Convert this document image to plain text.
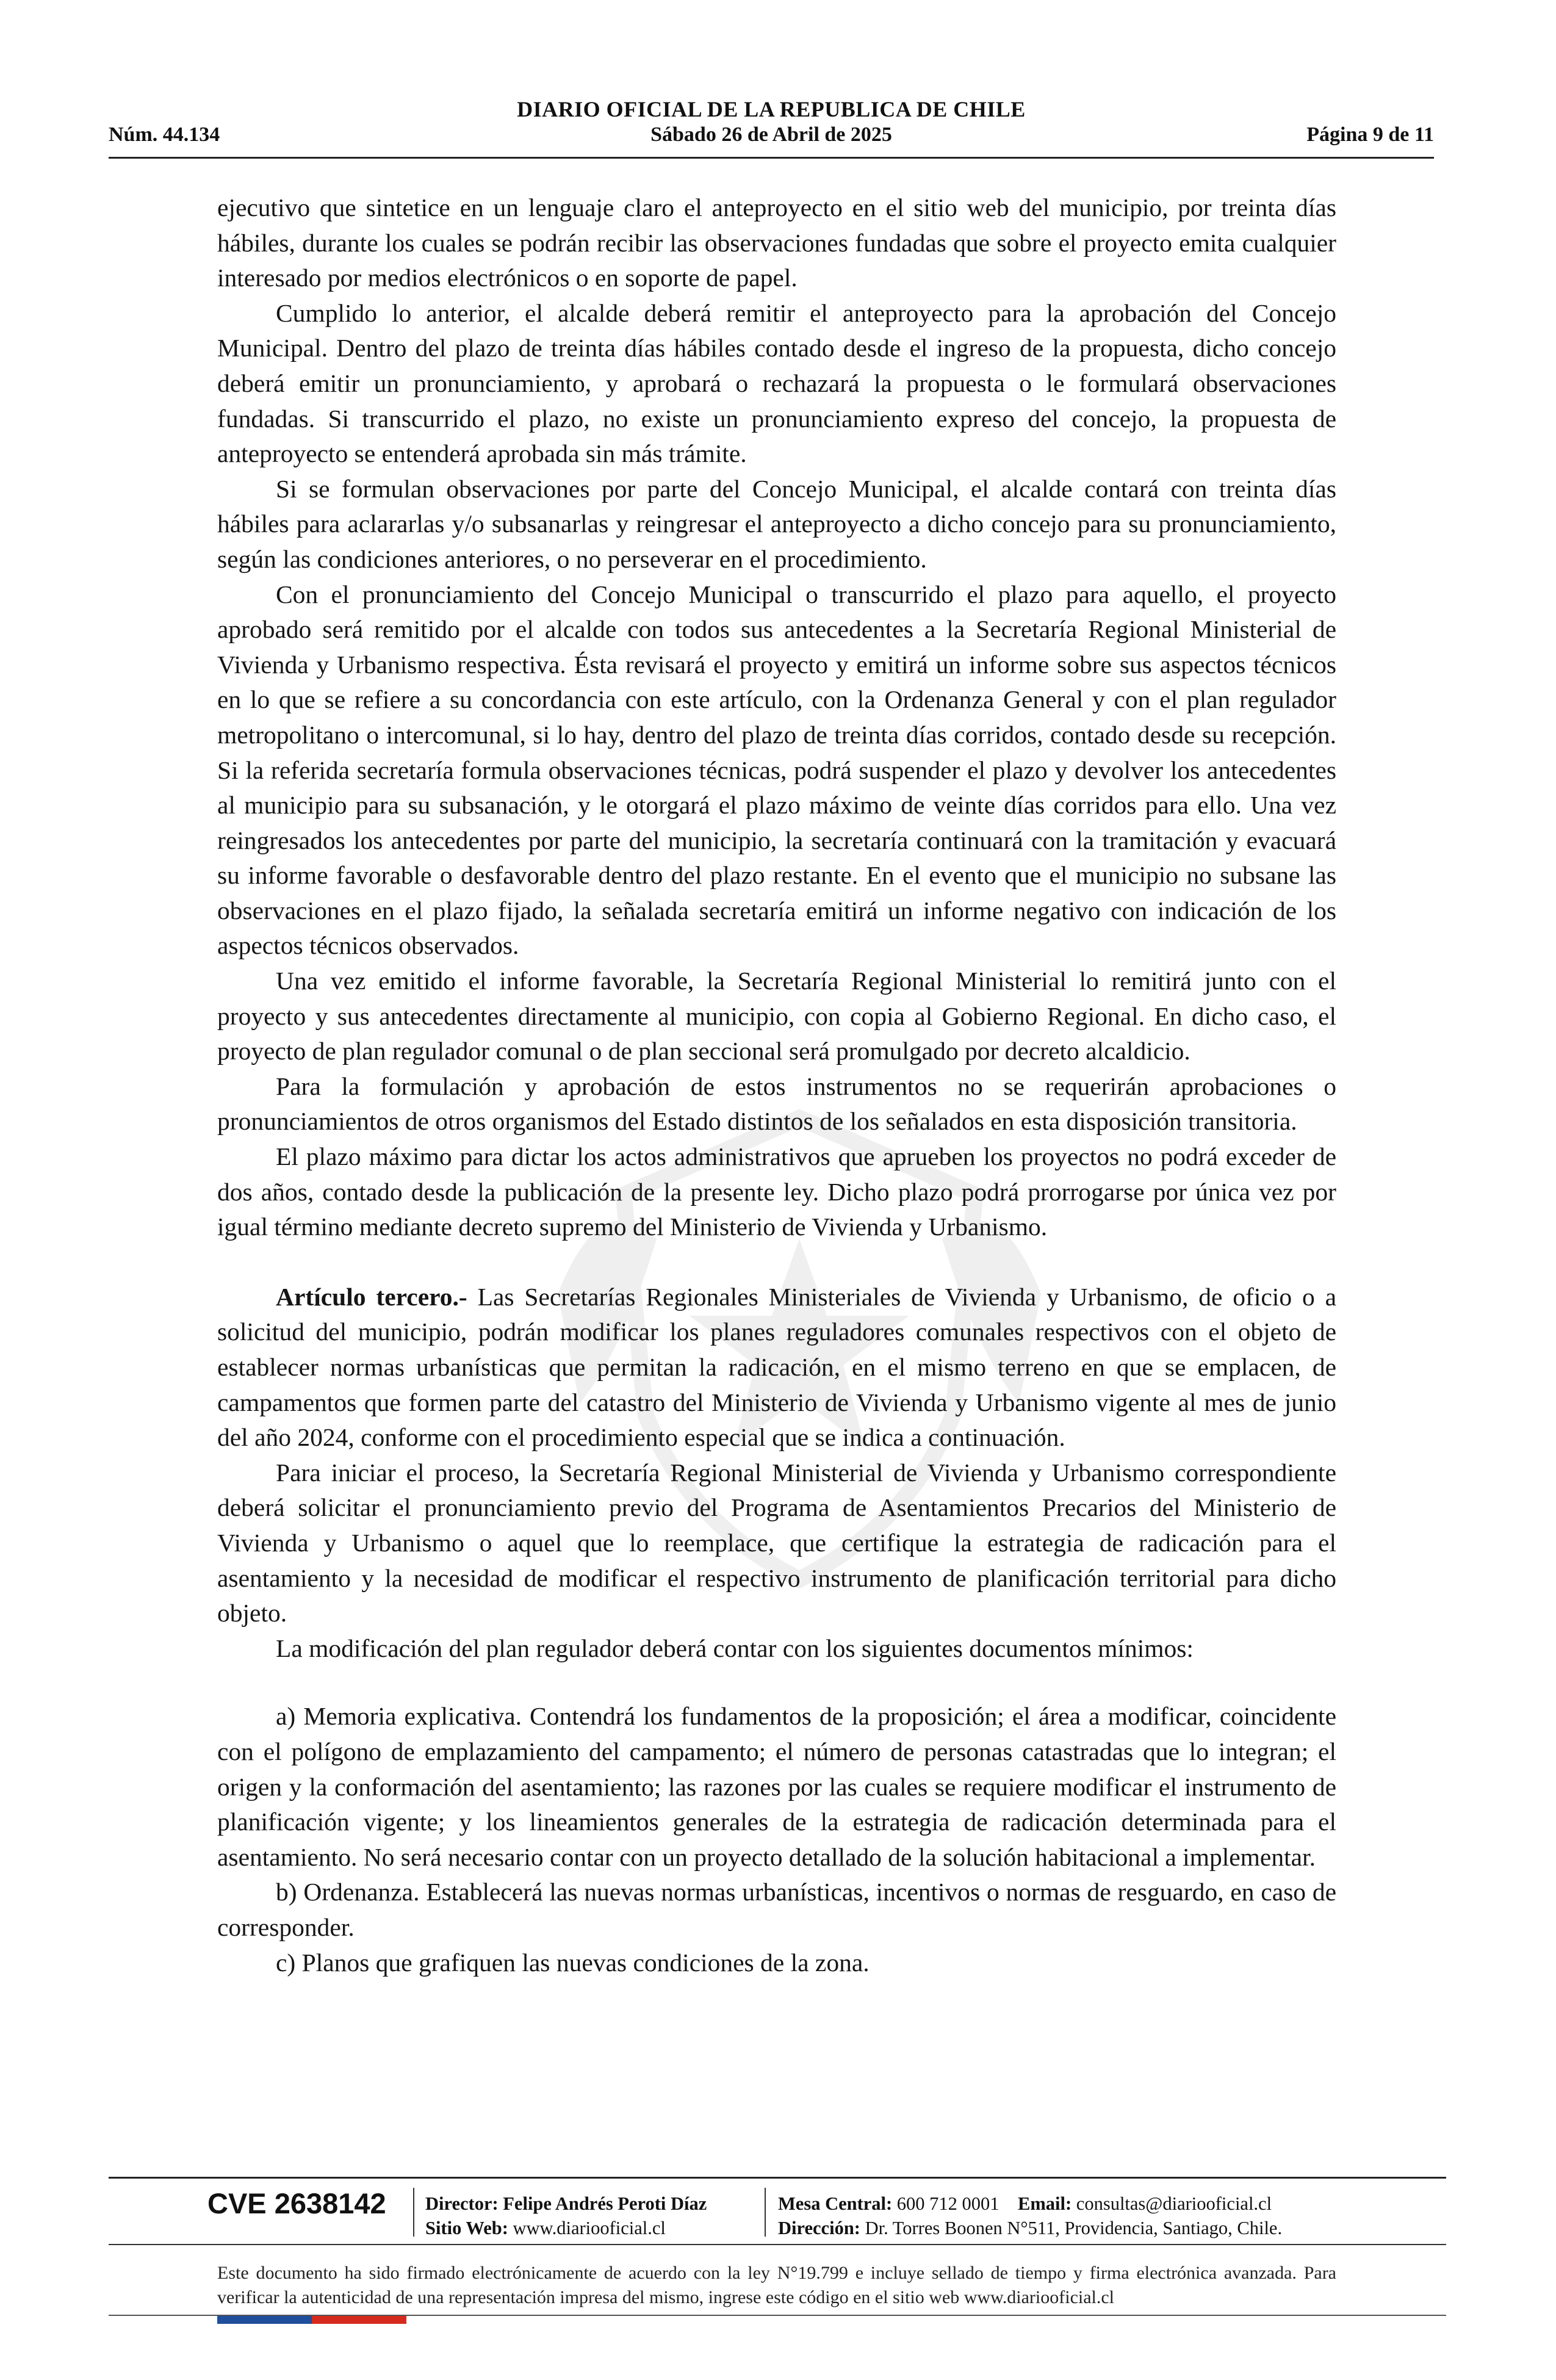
DIARIO OFICIAL DE LA REPUBLICA DE CHILE
Núm. 44.134	Sábado 26 de Abril de 2025	Página 9 de 11

ejecutivo que sintetice en un lenguaje claro el anteproyecto en el sitio web del municipio, por treinta días hábiles, durante los cuales se podrán recibir las observaciones fundadas que sobre el proyecto emita cualquier interesado por medios electrónicos o en soporte de papel.

Cumplido lo anterior, el alcalde deberá remitir el anteproyecto para la aprobación del Concejo Municipal. Dentro del plazo de treinta días hábiles contado desde el ingreso de la propuesta, dicho concejo deberá emitir un pronunciamiento, y aprobará o rechazará la propuesta o le formulará observaciones fundadas. Si transcurrido el plazo, no existe un pronunciamiento expreso del concejo, la propuesta de anteproyecto se entenderá aprobada sin más trámite.

Si se formulan observaciones por parte del Concejo Municipal, el alcalde contará con treinta días hábiles para aclararlas y/o subsanarlas y reingresar el anteproyecto a dicho concejo para su pronunciamiento, según las condiciones anteriores, o no perseverar en el procedimiento.

Con el pronunciamiento del Concejo Municipal o transcurrido el plazo para aquello, el proyecto aprobado será remitido por el alcalde con todos sus antecedentes a la Secretaría Regional Ministerial de Vivienda y Urbanismo respectiva. Ésta revisará el proyecto y emitirá un informe sobre sus aspectos técnicos en lo que se refiere a su concordancia con este artículo, con la Ordenanza General y con el plan regulador metropolitano o intercomunal, si lo hay, dentro del plazo de treinta días corridos, contado desde su recepción. Si la referida secretaría formula observaciones técnicas, podrá suspender el plazo y devolver los antecedentes al municipio para su subsanación, y le otorgará el plazo máximo de veinte días corridos para ello. Una vez reingresados los antecedentes por parte del municipio, la secretaría continuará con la tramitación y evacuará su informe favorable o desfavorable dentro del plazo restante. En el evento que el municipio no subsane las observaciones en el plazo fijado, la señalada secretaría emitirá un informe negativo con indicación de los aspectos técnicos observados.

Una vez emitido el informe favorable, la Secretaría Regional Ministerial lo remitirá junto con el proyecto y sus antecedentes directamente al municipio, con copia al Gobierno Regional. En dicho caso, el proyecto de plan regulador comunal o de plan seccional será promulgado por decreto alcaldicio.

Para la formulación y aprobación de estos instrumentos no se requerirán aprobaciones o pronunciamientos de otros organismos del Estado distintos de los señalados en esta disposición transitoria.

El plazo máximo para dictar los actos administrativos que aprueben los proyectos no podrá exceder de dos años, contado desde la publicación de la presente ley. Dicho plazo podrá prorrogarse por única vez por igual término mediante decreto supremo del Ministerio de Vivienda y Urbanismo.

Artículo tercero.- Las Secretarías Regionales Ministeriales de Vivienda y Urbanismo, de oficio o a solicitud del municipio, podrán modificar los planes reguladores comunales respectivos con el objeto de establecer normas urbanísticas que permitan la radicación, en el mismo terreno en que se emplacen, de campamentos que formen parte del catastro del Ministerio de Vivienda y Urbanismo vigente al mes de junio del año 2024, conforme con el procedimiento especial que se indica a continuación.

Para iniciar el proceso, la Secretaría Regional Ministerial de Vivienda y Urbanismo correspondiente deberá solicitar el pronunciamiento previo del Programa de Asentamientos Precarios del Ministerio de Vivienda y Urbanismo o aquel que lo reemplace, que certifique la estrategia de radicación para el asentamiento y la necesidad de modificar el respectivo instrumento de planificación territorial para dicho objeto.

La modificación del plan regulador deberá contar con los siguientes documentos mínimos:

a) Memoria explicativa. Contendrá los fundamentos de la proposición; el área a modificar, coincidente con el polígono de emplazamiento del campamento; el número de personas catastradas que lo integran; el origen y la conformación del asentamiento; las razones por las cuales se requiere modificar el instrumento de planificación vigente; y los lineamientos generales de la estrategia de radicación determinada para el asentamiento. No será necesario contar con un proyecto detallado de la solución habitacional a implementar.

b) Ordenanza. Establecerá las nuevas normas urbanísticas, incentivos o normas de resguardo, en caso de corresponder.

c) Planos que grafiquen las nuevas condiciones de la zona.

CVE 2638142 Director: Felipe Andrés Peroti Díaz
Sitio Web: www.diariooficial.cl
Mesa Central: 600 712 0001 Email: consultas@diariooficial.cl
Dirección: Dr. Torres Boonen N°511, Providencia, Santiago, Chile.
Este documento ha sido firmado electrónicamente de acuerdo con la ley N°19.799 e incluye sellado de tiempo y firma electrónica avanzada. Para verificar la autenticidad de una representación impresa del mismo, ingrese este código en el sitio web www.diariooficial.cl
